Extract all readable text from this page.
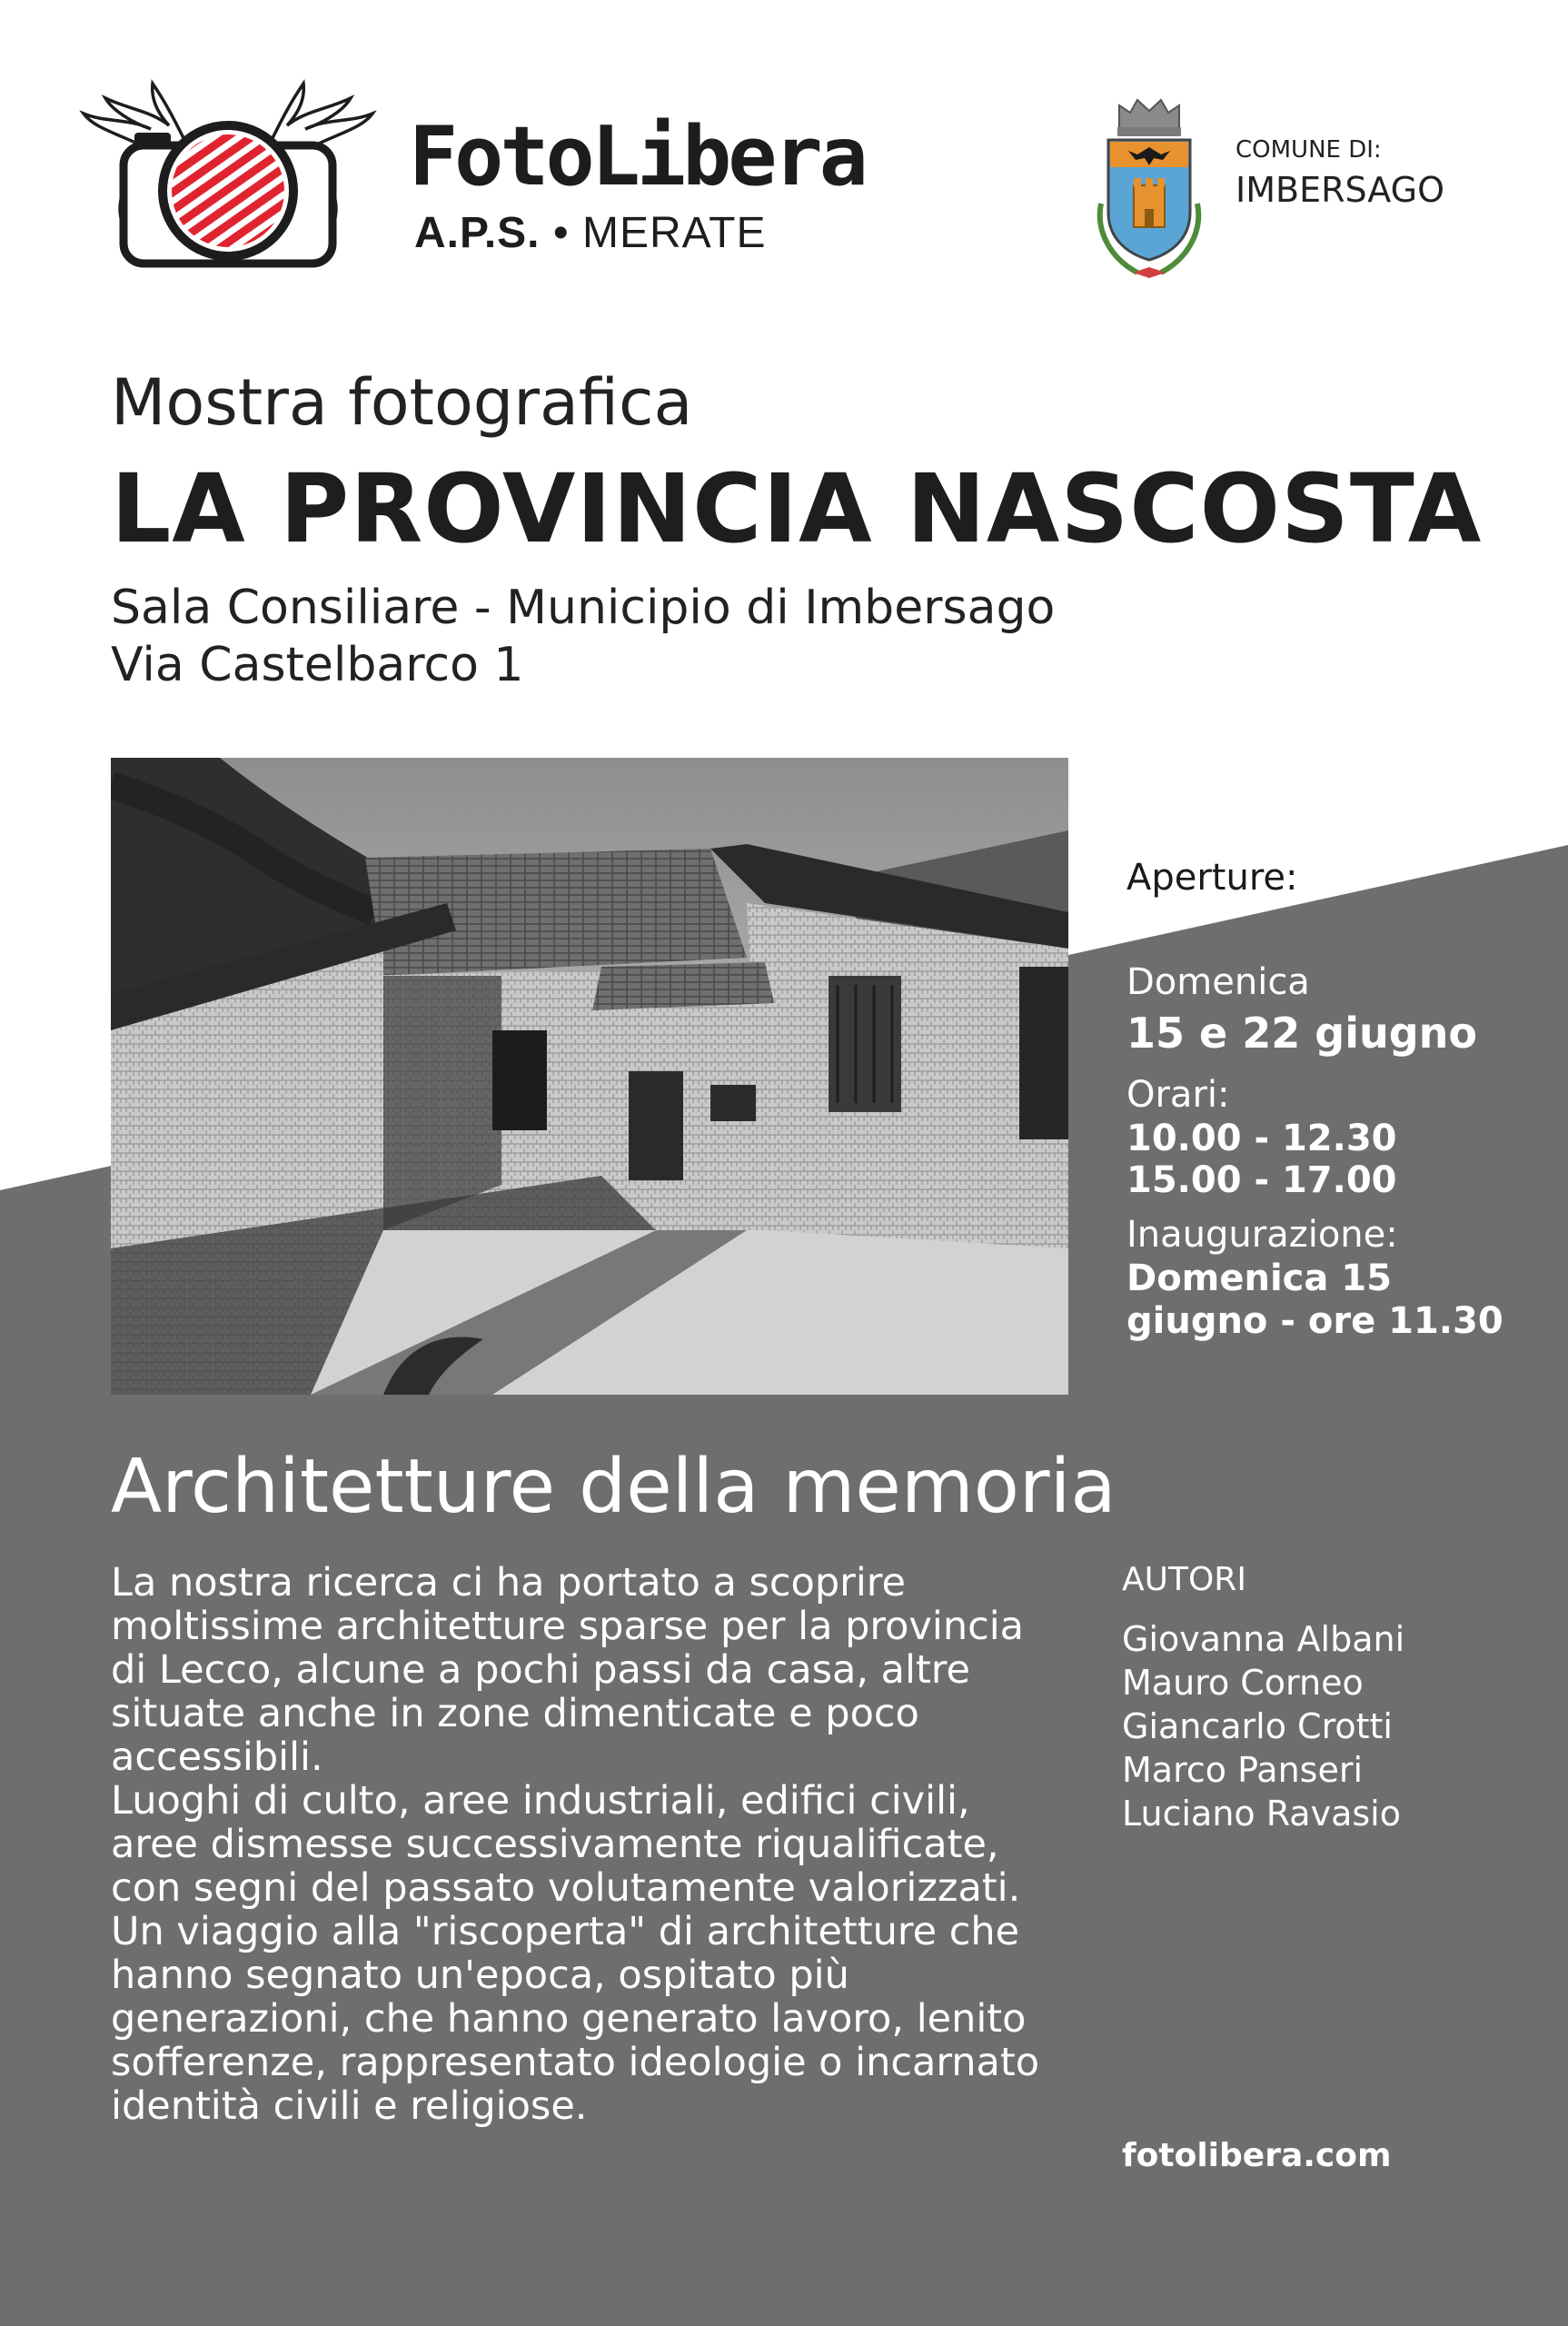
FotoLibera
A.P.S. • MERATE
COMUNE DI:
IMBERSAGO
Mostra fotografica
LA PROVINCIA NASCOSTA
Sala Consiliare - Municipio di Imbersago
Via Castelbarco 1
Aperture:
Domenica
15 e 22 giugno
Orari:
10.00 - 12.30
15.00 - 17.00
Inaugurazione:
Domenica 15 giugno - ore 11.30
Architetture della memoria

La nostra ricerca ci ha portato a scoprire moltissime architetture sparse per la provincia di Lecco, alcune a pochi passi da casa, altre situate anche in zone dimenticate e poco accessibili.

Luoghi di culto, aree industriali, edifici civili, aree dismesse successivamente riqualificate, con segni del passato volutamente valorizzati.

Un viaggio alla "riscoperta" di architetture che hanno segnato un'epoca, ospitato più generazioni, che hanno generato lavoro, lenito sofferenze, rappresentato ideologie o incarnato identità civili e religiose.

AUTORI
Giovanna Albani
Mauro Corneo
Giancarlo Crotti
Marco Panseri
Luciano Ravasio
fotolibera.com
